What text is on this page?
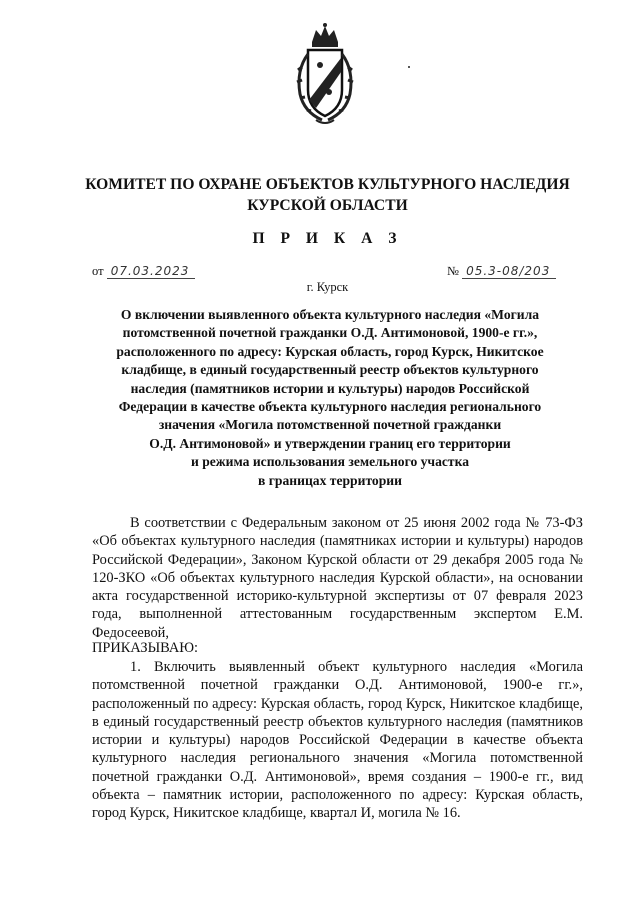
КОМИТЕТ ПО ОХРАНЕ ОБЪЕКТОВ КУЛЬТУРНОГО НАСЛЕДИЯ
КУРСКОЙ ОБЛАСТИ
П Р И К А З
от 07.03.2023	№ 05.3-08/203
г. Курск
О включении выявленного объекта культурного наследия «Могила
потомственной почетной гражданки О.Д. Антимоновой, 1900-е гг.»,
расположенного по адресу: Курская область, город Курск, Никитское
кладбище, в единый государственный реестр объектов культурного
наследия (памятников истории и культуры) народов Российской
Федерации в качестве объекта культурного наследия регионального
значения «Могила потомственной почетной гражданки
О.Д. Антимоновой» и утверждении границ его территории
и режима использования земельного участка
в границах территории
В соответствии с Федеральным законом от 25 июня 2002 года № 73-ФЗ «Об объектах культурного наследия (памятниках истории и культуры) народов Российской Федерации», Законом Курской области от 29 декабря 2005 года № 120-ЗКО «Об объектах культурного наследия Курской области», на основании акта государственной историко-культурной экспертизы от 07 февраля 2023 года, выполненной аттестованным государственным экспертом Е.М. Федосеевой,
ПРИКАЗЫВАЮ:
1. Включить выявленный объект культурного наследия «Могила потомственной почетной гражданки О.Д. Антимоновой, 1900-е гг.», расположенный по адресу: Курская область, город Курск, Никитское кладбище, в единый государственный реестр объектов культурного наследия (памятников истории и культуры) народов Российской Федерации в качестве объекта культурного наследия регионального значения «Могила потомственной почетной гражданки О.Д. Антимоновой», время создания – 1900-е гг., вид объекта – памятник истории, расположенного по адресу: Курская область, город Курск, Никитское кладбище, квартал И, могила № 16.
